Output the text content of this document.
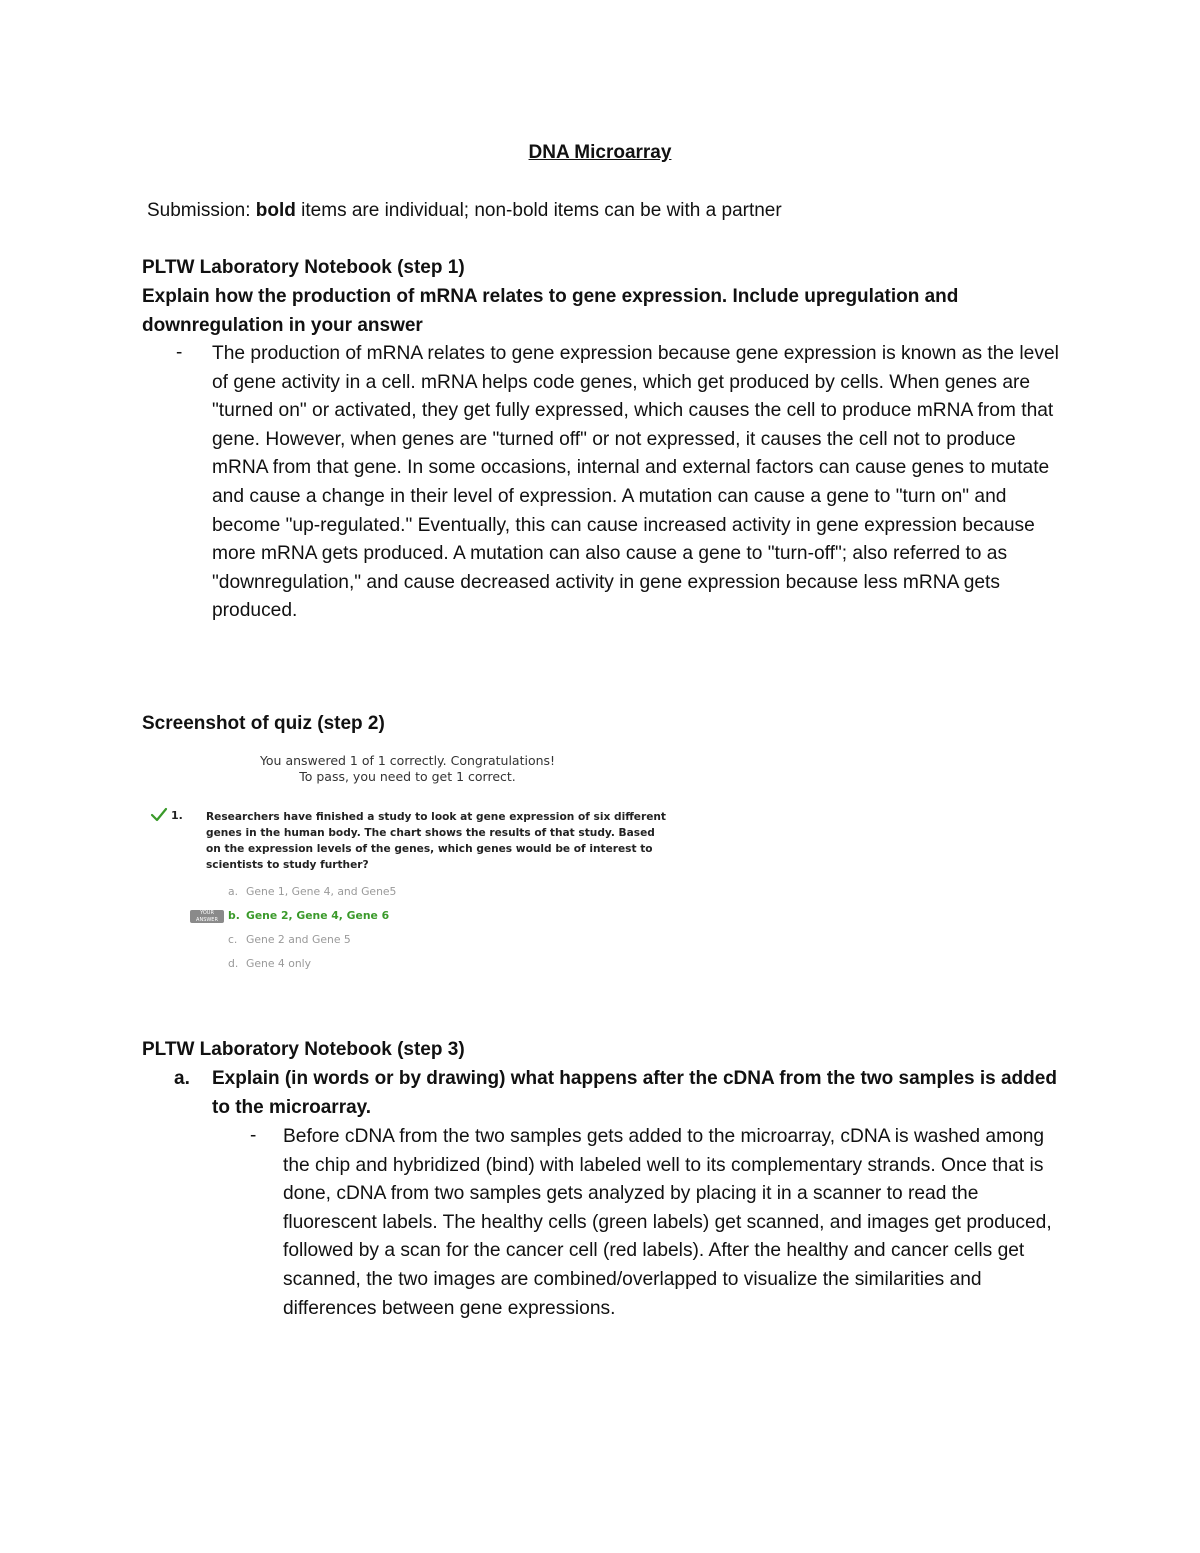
DNA Microarray
Submission: bold items are individual; non-bold items can be with a partner
PLTW Laboratory Notebook (step 1)
Explain how the production of mRNA relates to gene expression. Include upregulation and downregulation in your answer
- The production of mRNA relates to gene expression because gene expression is known as the level of gene activity in a cell. mRNA helps code genes, which get produced by cells. When genes are "turned on" or activated, they get fully expressed, which causes the cell to produce mRNA from that gene. However, when genes are "turned off" or not expressed, it causes the cell not to produce mRNA from that gene. In some occasions, internal and external factors can cause genes to mutate and cause a change in their level of expression. A mutation can cause a gene to "turn on" and become "up-regulated." Eventually, this can cause increased activity in gene expression because more mRNA gets produced. A mutation can also cause a gene to "turn-off"; also referred to as "downregulation," and cause decreased activity in gene expression because less mRNA gets produced.
Screenshot of quiz (step 2)
You answered 1 of 1 correctly. Congratulations!
To pass, you need to get 1 correct.
1. Researchers have finished a study to look at gene expression of six different genes in the human body. The chart shows the results of that study. Based on the expression levels of the genes, which genes would be of interest to scientists to study further?
YOUR ANSWER
a. Gene 1, Gene 4, and Gene5
b. Gene 2, Gene 4, Gene 6
c. Gene 2 and Gene 5
d. Gene 4 only
PLTW Laboratory Notebook (step 3)
a. Explain (in words or by drawing) what happens after the cDNA from the two samples is added to the microarray.
- Before cDNA from the two samples gets added to the microarray, cDNA is washed among the chip and hybridized (bind) with labeled well to its complementary strands. Once that is done, cDNA from two samples gets analyzed by placing it in a scanner to read the fluorescent labels. The healthy cells (green labels) get scanned, and images get produced, followed by a scan for the cancer cell (red labels). After the healthy and cancer cells get scanned, the two images are combined/overlapped to visualize the similarities and differences between gene expressions.
